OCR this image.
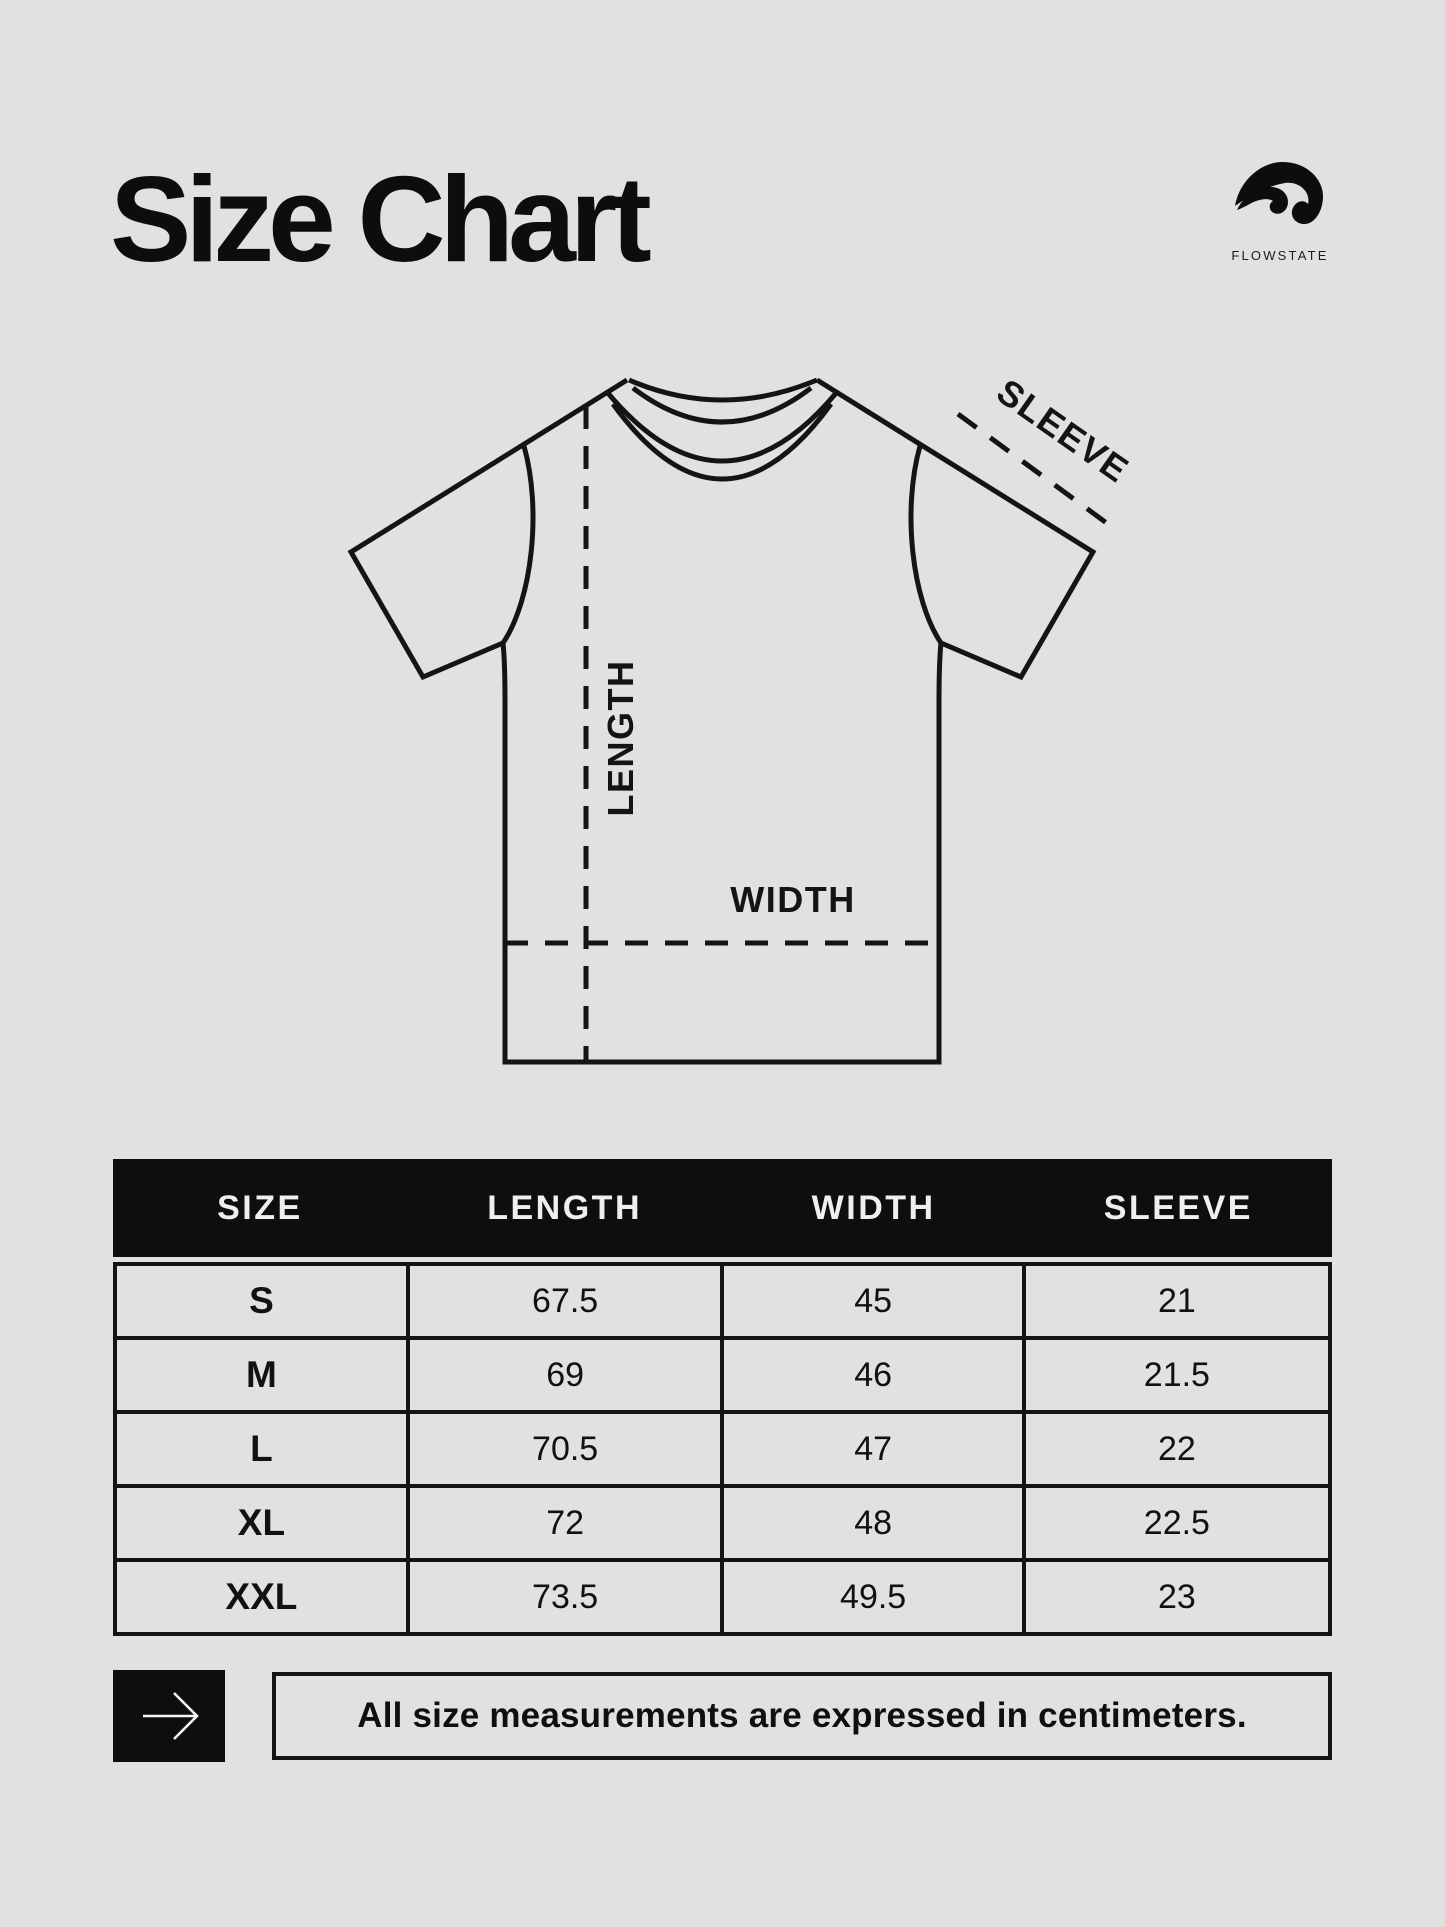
Size Chart	FLOWSTATE
LENGTH
WIDTH
SLEEVE
SIZE	LENGTH	WIDTH	SLEEVE
S	67.5	45	21
M	69	46	21.5
L	70.5	47	22
XL	72	48	22.5
XXL	73.5	49.5	23
All size measurements are expressed in centimeters.
